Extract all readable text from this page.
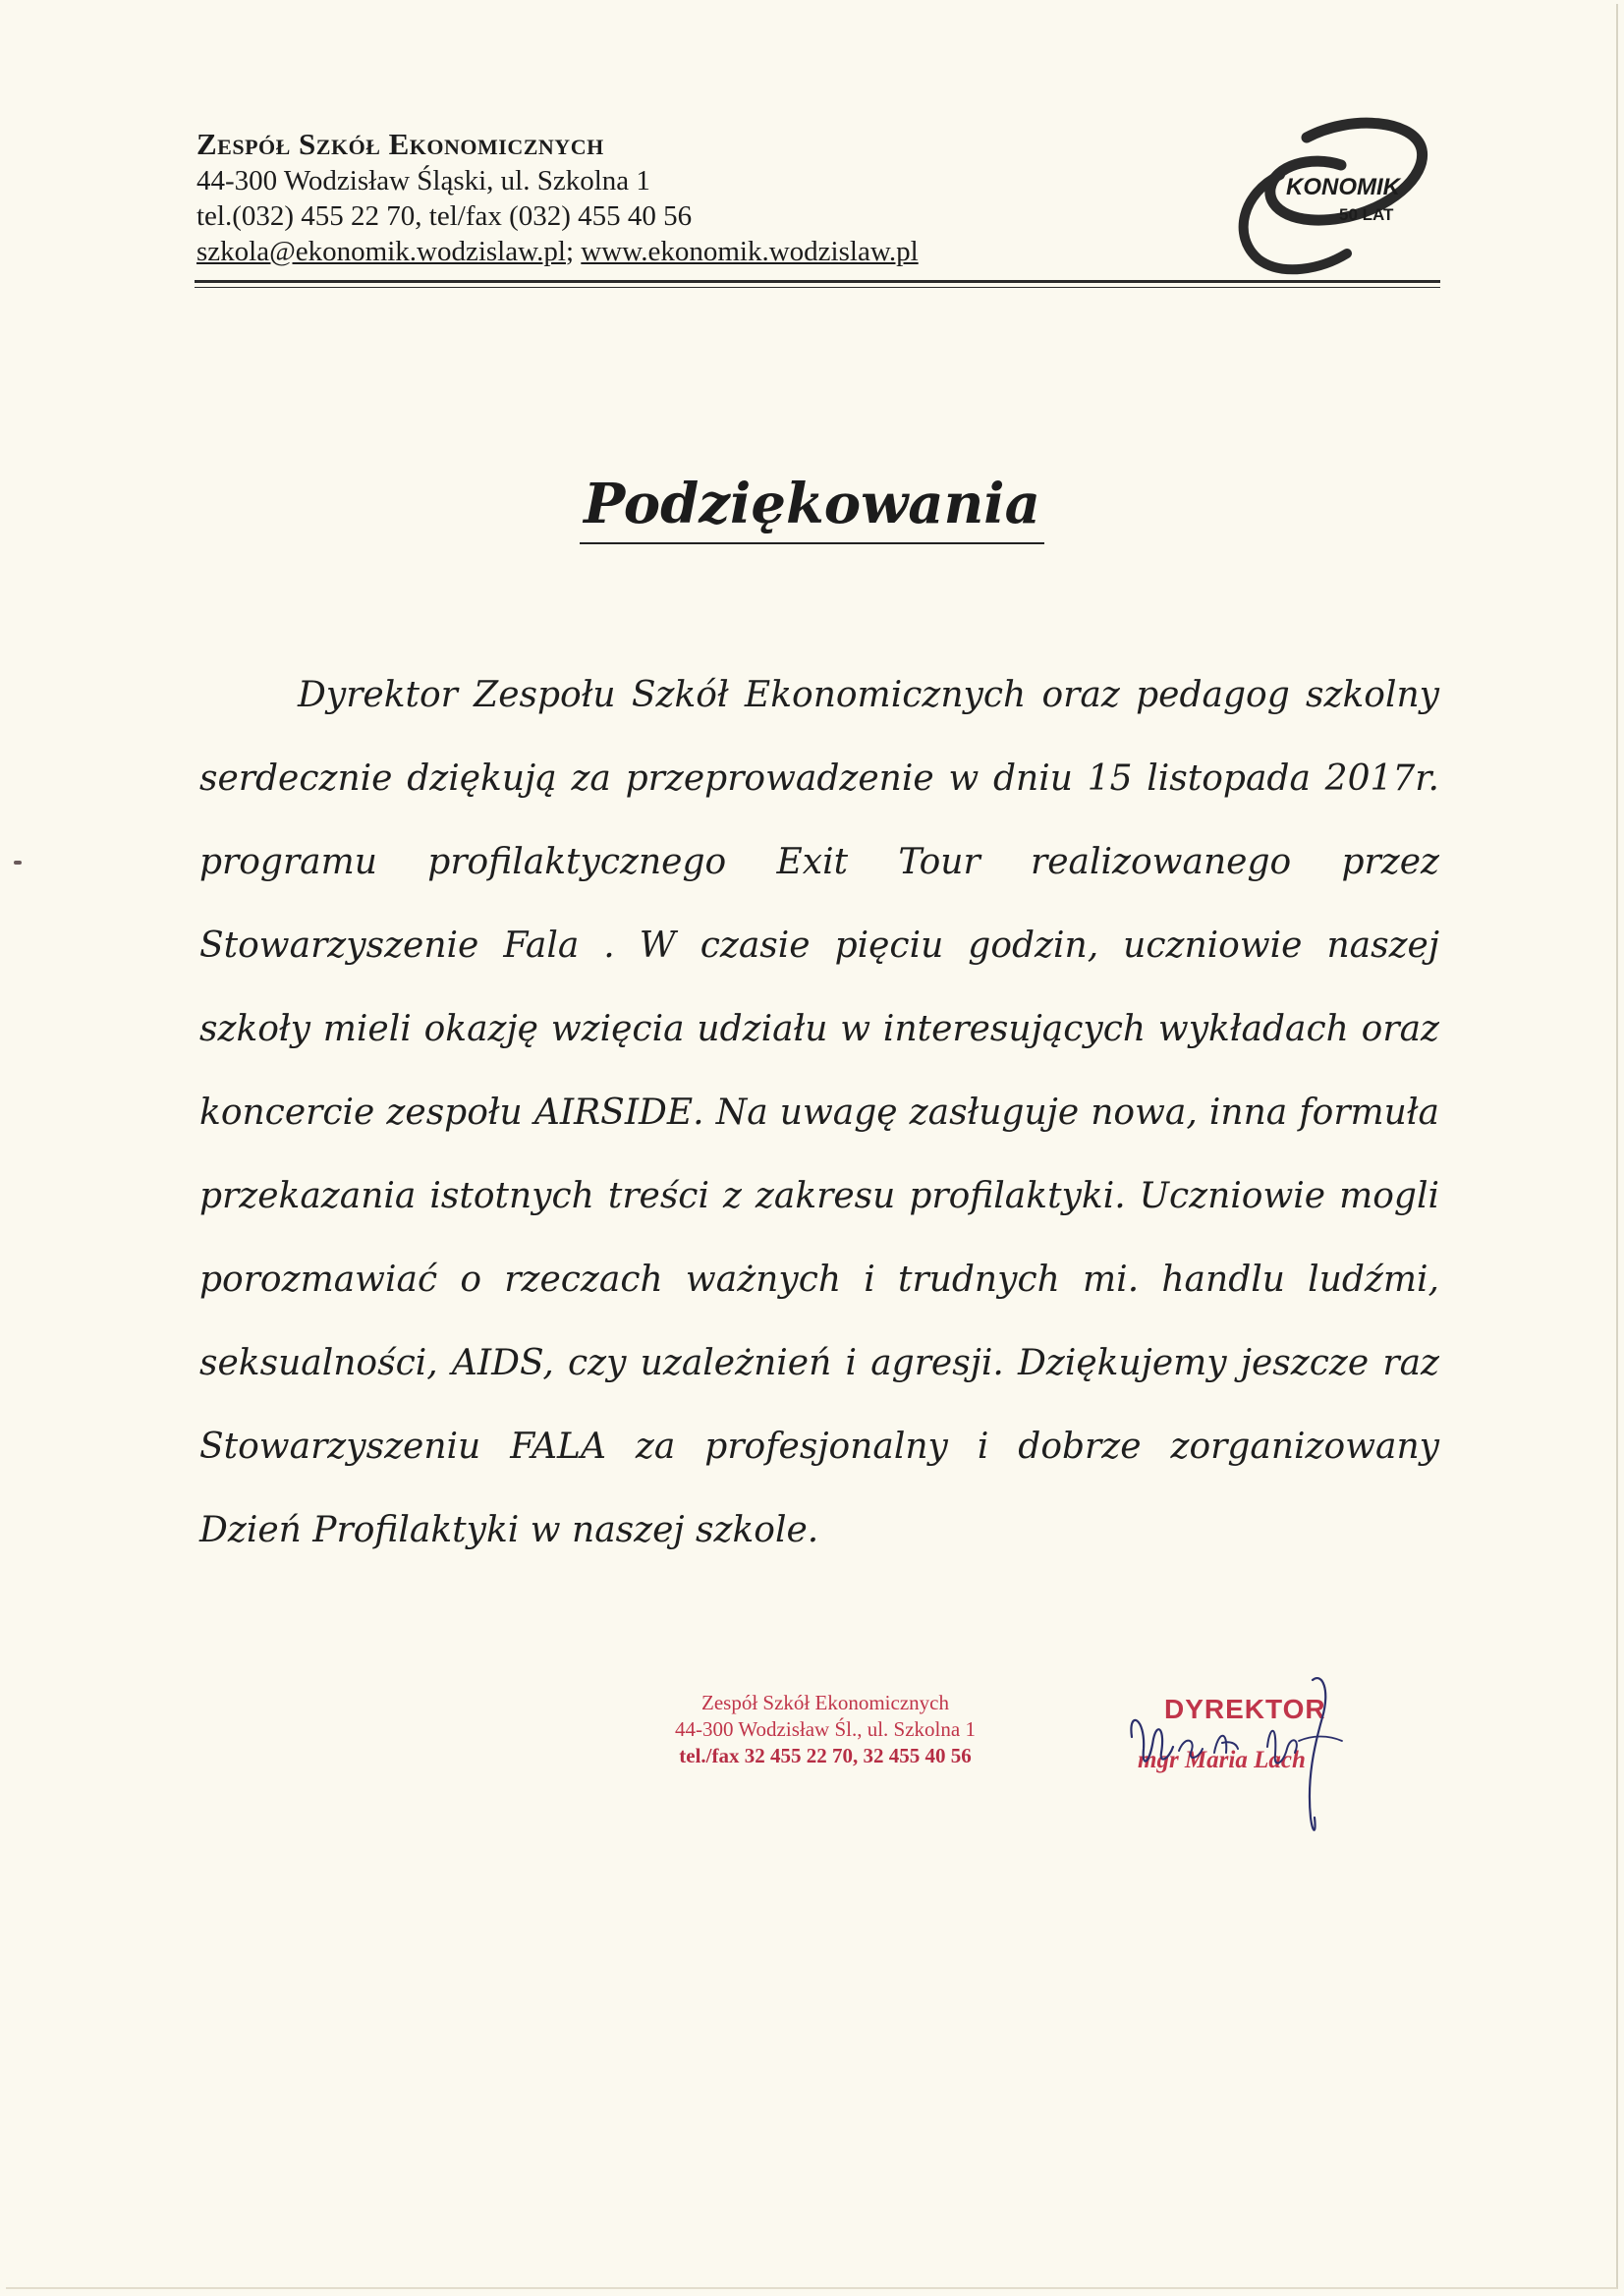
Zespół Szkół Ekonomicznych

44-300 Wodzisław Śląski, ul. Szkolna 1

tel.(032) 455 22 70, tel/fax (032) 455 40 56

szkola@ekonomik.wodzislaw.pl; www.ekonomik.wodzislaw.pl

KONOMIK
50 LAT
Podziękowania

Dyrektor Zespołu Szkół Ekonomicznych oraz pedagog szkolny serdecznie dziękują za przeprowadzenie w dniu 15 listopada 2017r. programu profilaktycznego Exit Tour realizowanego przez Stowarzyszenie Fala . W czasie pięciu godzin, uczniowie naszej szkoły mieli okazję wzięcia udziału w interesujących wykładach oraz koncercie zespołu AIRSIDE. Na uwagę zasługuje nowa, inna formuła przekazania istotnych treści z zakresu profilaktyki. Uczniowie mogli porozmawiać o rzeczach ważnych i trudnych mi. handlu ludźmi, seksualności, AIDS, czy uzależnień i agresji. Dziękujemy jeszcze raz Stowarzyszeniu FALA za profesjonalny i dobrze zorganizowany Dzień Profilaktyki w naszej szkole.

Zespół Szkół Ekonomicznych

44-300 Wodzisław Śl., ul. Szkolna 1

tel./fax 32 455 22 70, 32 455 40 56

DYREKTOR

mgr Maria Lach
